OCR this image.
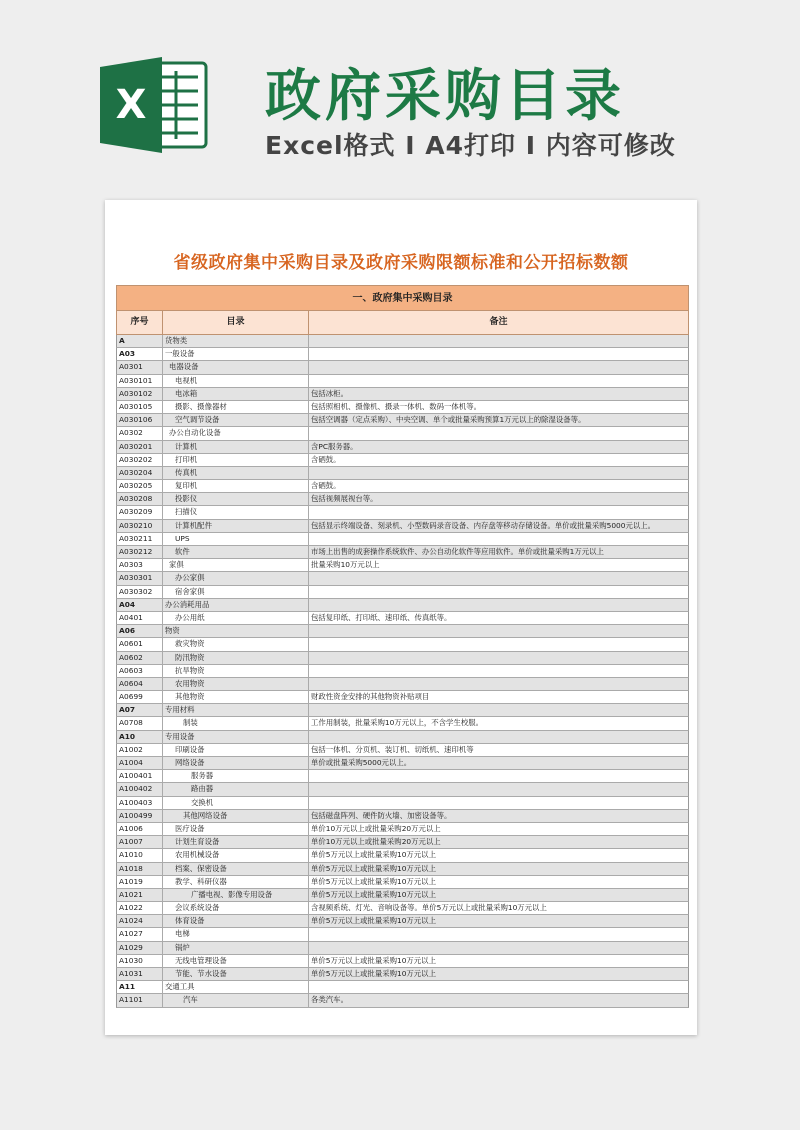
X 政府采购目录
Excel格式 I A4打印 I 内容可修改
省级政府集中采购目录及政府采购限额标准和公开招标数额
一、政府集中采购目录
序号	目录	备注
A	货物类
A03	一般设备
A0301	电器设备
A030101	电视机
A030102	电冰箱	包括冰柜。
A030105	摄影、摄像器材	包括照相机、摄像机、摄录一体机、数码一体机等。
A030106	空气调节设备	包括空调器（定点采购）、中央空调、单个或批量采购预算1万元以上的除湿设备等。
A0302	办公自动化设备
A030201	计算机	含PC服务器。
A030202	打印机	含硒鼓。
A030204	传真机
A030205	复印机	含硒鼓。
A030208	投影仪	包括视频展视台等。
A030209	扫描仪
A030210	计算机配件	包括显示终端设备、刻录机、小型数码录音设备、内存盘等移动存储设备。单价或批量采购5000元以上。
A030211	UPS
A030212	软件	市场上出售的成套操作系统软件、办公自动化软件等应用软件。单价或批量采购1万元以上
A0303	家俱	批量采购10万元以上
A030301	办公家俱
A030302	宿舍家俱
A04	办公消耗用品
A0401	办公用纸	包括复印纸、打印纸、速印纸、传真纸等。
A06	物资
A0601	救灾物资
A0602	防汛物资
A0603	抗旱物资
A0604	农用物资
A0699	其他物资	财政性资金安排的其他物资补贴项目
A07	专用材料
A0708	制装	工作用制装，批量采购10万元以上，不含学生校服。
A10	专用设备
A1002	印刷设备	包括一体机、分页机、装订机、切纸机、速印机等
A1004	网络设备	单价或批量采购5000元以上。
A100401	服务器
A100402	路由器
A100403	交换机
A100499	其他网络设备	包括磁盘阵列、硬件防火墙、加密设备等。
A1006	医疗设备	单价10万元以上或批量采购20万元以上
A1007	计划生育设备	单价10万元以上或批量采购20万元以上
A1010	农用机械设备	单价5万元以上或批量采购10万元以上
A1018	档案、保密设备	单价5万元以上或批量采购10万元以上
A1019	教学、科研仪器	单价5万元以上或批量采购10万元以上
A1021	广播电视、影像专用设备	单价5万元以上或批量采购10万元以上
A1022	会议系统设备	含视频系统、灯光、音响设备等。单价5万元以上或批量采购10万元以上
A1024	体育设备	单价5万元以上或批量采购10万元以上
A1027	电梯
A1029	锅炉
A1030	无线电管理设备	单价5万元以上或批量采购10万元以上
A1031	节能、节水设备	单价5万元以上或批量采购10万元以上
A11	交通工具
A1101	汽车	各类汽车。
